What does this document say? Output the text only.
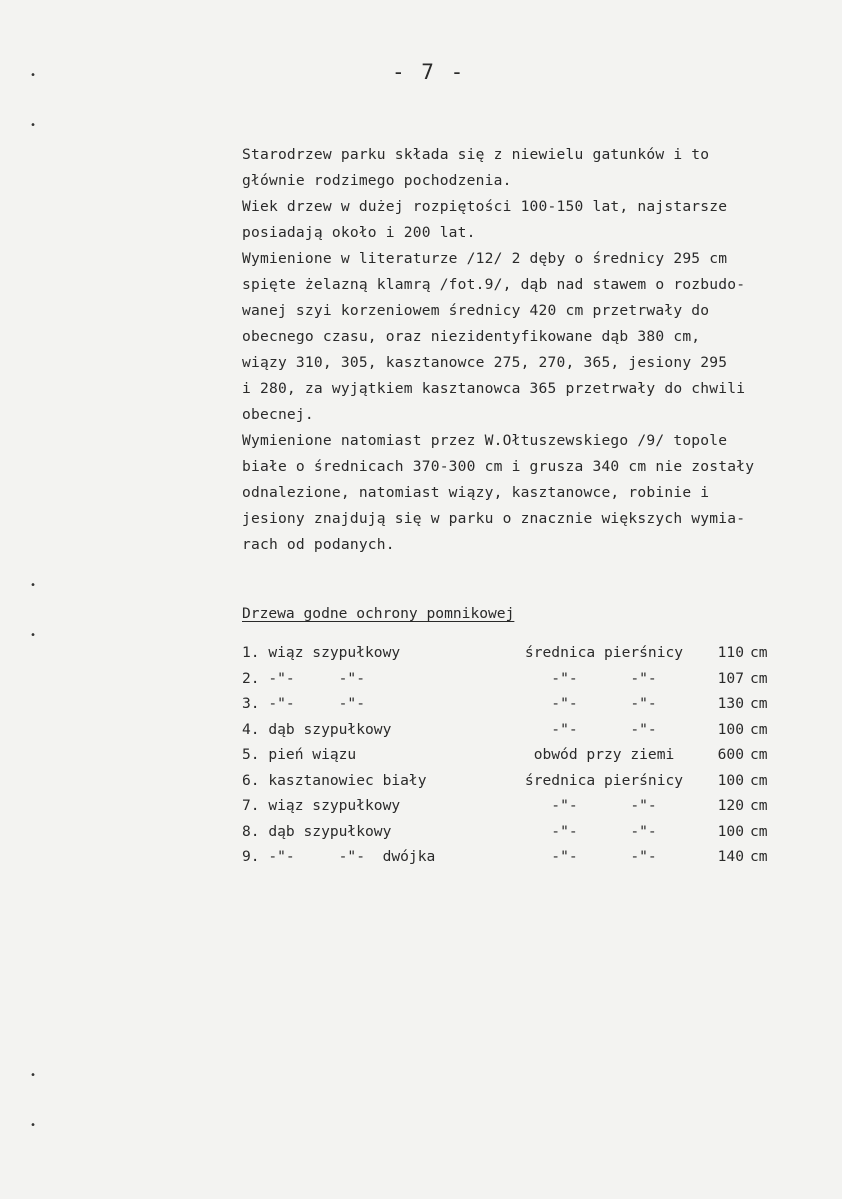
•
•
•
•
•
•
- 7 -
Starodrzew parku składa się z niewielu gatunków i to
głównie rodzimego pochodzenia.
Wiek drzew w dużej rozpiętości 100-150 lat, najstarsze
posiadają około i 200 lat.
Wymienione w literaturze /12/ 2 dęby o średnicy 295 cm
spięte żelazną klamrą /fot.9/, dąb nad stawem o rozbudo-
wanej szyi korzeniowem średnicy 420 cm przetrwały do
obecnego czasu, oraz niezidentyfikowane dąb 380 cm,
wiązy 310, 305, kasztanowce 275, 270, 365, jesiony 295
i 280, za wyjątkiem kasztanowca 365 przetrwały do chwili
obecnej.
Wymienione natomiast przez W.Ołtuszewskiego /9/ topole
białe o średnicach 370-300 cm i grusza 340 cm nie zostały
odnalezione, natomiast wiązy, kasztanowce, robinie i
jesiony znajdują się w parku o znacznie większych wymia-
rach od podanych.
Drzewa godne ochrony pomnikowej
1. wiąz szypułkowy	średnica pierśnicy	110	cm
2. -"-     -"-	-"-      -"-	107	cm
3. -"-     -"-	-"-      -"-	130	cm
4. dąb szypułkowy	-"-      -"-	100	cm
5. pień wiązu	obwód przy ziemi	600	cm
6. kasztanowiec biały	średnica pierśnicy	100	cm
7. wiąz szypułkowy	-"-      -"-	120	cm
8. dąb szypułkowy	-"-      -"-	100	cm
9. -"-     -"-  dwójka	-"-      -"-	140	cm
